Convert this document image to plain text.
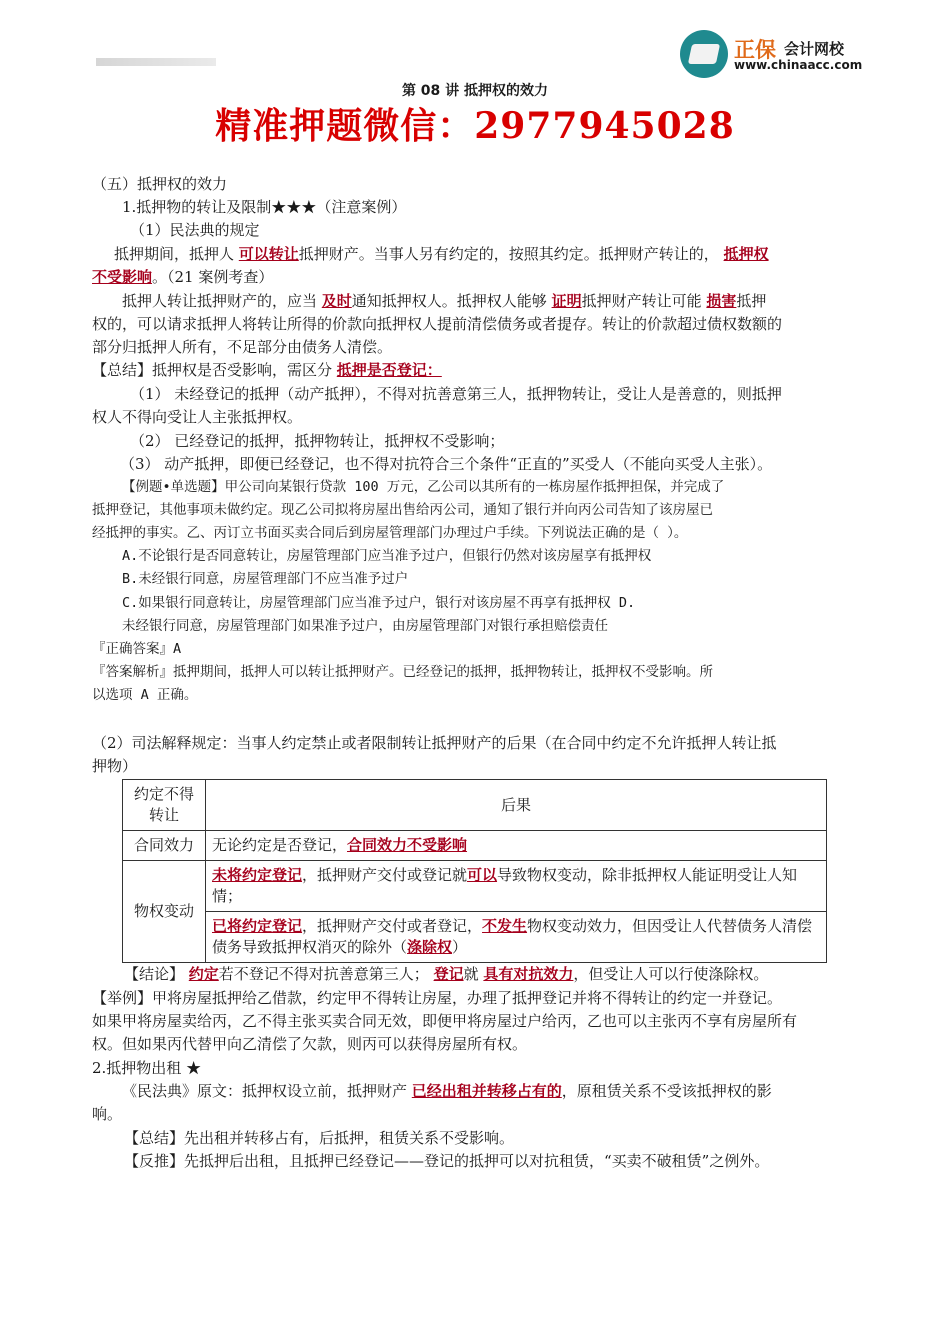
正保 会计网校
www.chinaacc.com
第 08 讲 抵押权的效力
精准押题微信：2977945028
（五）抵押权的效力
1.抵押物的转让及限制★★★（注意案例）
（1）民法典的规定
抵押期间，抵押人 可以转让抵押财产。当事人另有约定的，按照其约定。抵押财产转让的， 抵押权
不受影响。（21 案例考查）
抵押人转让抵押财产的，应当 及时通知抵押权人。抵押权人能够 证明抵押财产转让可能 损害抵押
权的，可以请求抵押人将转让所得的价款向抵押权人提前清偿债务或者提存。转让的价款超过债权数额的
部分归抵押人所有，不足部分由债务人清偿。
【总结】抵押权是否受影响，需区分 抵押是否登记：
（1） 未经登记的抵押（动产抵押），不得对抗善意第三人，抵押物转让，受让人是善意的，则抵押
权人不得向受让人主张抵押权。
（2） 已经登记的抵押，抵押物转让，抵押权不受影响；
（3） 动产抵押，即便已经登记，也不得对抗符合三个条件“正直的”买受人（不能向买受人主张）。
【例题•单选题】甲公司向某银行贷款 100 万元，乙公司以其所有的一栋房屋作抵押担保，并完成了
抵押登记，其他事项未做约定。现乙公司拟将房屋出售给丙公司，通知了银行并向丙公司告知了该房屋已
经抵押的事实。乙、丙订立书面买卖合同后到房屋管理部门办理过户手续。下列说法正确的是（ ）。
A.不论银行是否同意转让，房屋管理部门应当准予过户，但银行仍然对该房屋享有抵押权
B.未经银行同意，房屋管理部门不应当准予过户
C.如果银行同意转让，房屋管理部门应当准予过户，银行对该房屋不再享有抵押权 D.
未经银行同意，房屋管理部门如果准予过户，由房屋管理部门对银行承担赔偿责任
『正确答案』A
『答案解析』抵押期间，抵押人可以转让抵押财产。已经登记的抵押，抵押物转让，抵押权不受影响。所
以选项 A 正确。
（2）司法解释规定：当事人约定禁止或者限制转让抵押财产的后果（在合同中约定不允许抵押人转让抵
押物）
约定不得转让	后果
合同效力	无论约定是否登记，合同效力不受影响
物权变动	未将约定登记，抵押财产交付或登记就可以导致物权变动，除非抵押权人能证明受让人知情；
	已将约定登记，抵押财产交付或者登记，不发生物权变动效力，但因受让人代替债务人清偿债务导致抵押权消灭的除外（涤除权）
【结论】 约定若不登记不得对抗善意第三人； 登记就 具有对抗效力，但受让人可以行使涤除权。
【举例】甲将房屋抵押给乙借款，约定甲不得转让房屋，办理了抵押登记并将不得转让的约定一并登记。
如果甲将房屋卖给丙，乙不得主张买卖合同无效，即便甲将房屋过户给丙，乙也可以主张丙不享有房屋所有
权。但如果丙代替甲向乙清偿了欠款，则丙可以获得房屋所有权。
2.抵押物出租 ★
《民法典》原文：抵押权设立前，抵押财产 已经出租并转移占有的，原租赁关系不受该抵押权的影
响。
【总结】先出租并转移占有，后抵押，租赁关系不受影响。
【反推】先抵押后出租，且抵押已经登记——登记的抵押可以对抗租赁，“买卖不破租赁”之例外。
